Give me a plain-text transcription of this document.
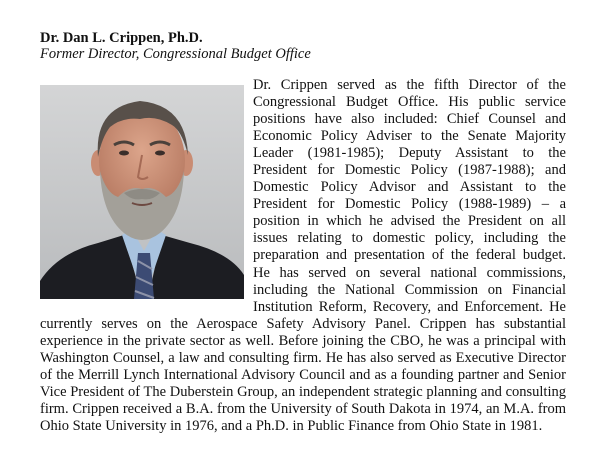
Dr. Dan L. Crippen, Ph.D.
Former Director, Congressional Budget Office

Dr. Crippen served as the fifth Director of the Congressional Budget Office. His public service positions have also included: Chief Counsel and Economic Policy Adviser to the Senate Majority Leader (1981-1985); Deputy Assistant to the President for Domestic Policy (1987-1988); and Domestic Policy Advisor and Assistant to the President for Domestic Policy (1988-1989) – a position in which he advised the President on all issues relating to domestic policy, including the preparation and presentation of the federal budget. He has served on several national commissions, including the National Commission on Financial Institution Reform, Recovery, and Enforcement. He currently serves on the Aerospace Safety Advisory Panel. Crippen has substantial experience in the private sector as well. Before joining the CBO, he was a principal with Washington Counsel, a law and consulting firm. He has also served as Executive Director of the Merrill Lynch International Advisory Council and as a founding partner and Senior Vice President of The Duberstein Group, an independent strategic planning and consulting firm. Crippen received a B.A. from the University of South Dakota in 1974, an M.A. from Ohio State University in 1976, and a Ph.D. in Public Finance from Ohio State in 1981.
